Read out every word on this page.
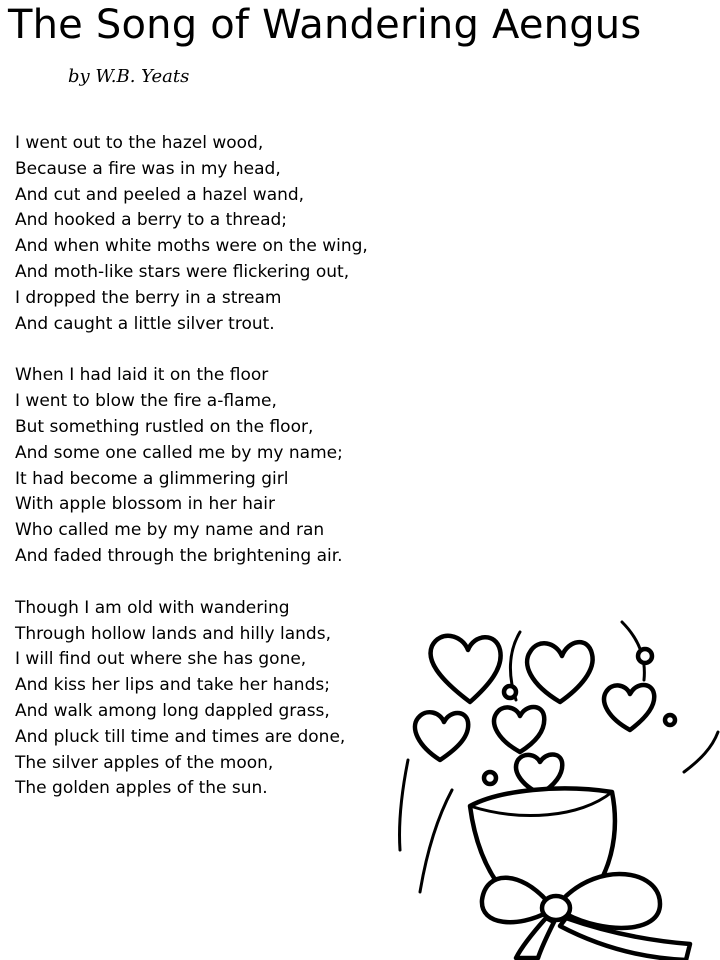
The Song of Wandering Aengus
by W.B. Yeats
I went out to the hazel wood,
Because a fire was in my head,
And cut and peeled a hazel wand,
And hooked a berry to a thread;
And when white moths were on the wing,
And moth-like stars were flickering out,
I dropped the berry in a stream
And caught a little silver trout.
When I had laid it on the floor
I went to blow the fire a-flame,
But something rustled on the floor,
And some one called me by my name;
It had become a glimmering girl
With apple blossom in her hair
Who called me by my name and ran
And faded through the brightening air.
Though I am old with wandering
Through hollow lands and hilly lands,
I will find out where she has gone,
And kiss her lips and take her hands;
And walk among long dappled grass,
And pluck till time and times are done,
The silver apples of the moon,
The golden apples of the sun.
